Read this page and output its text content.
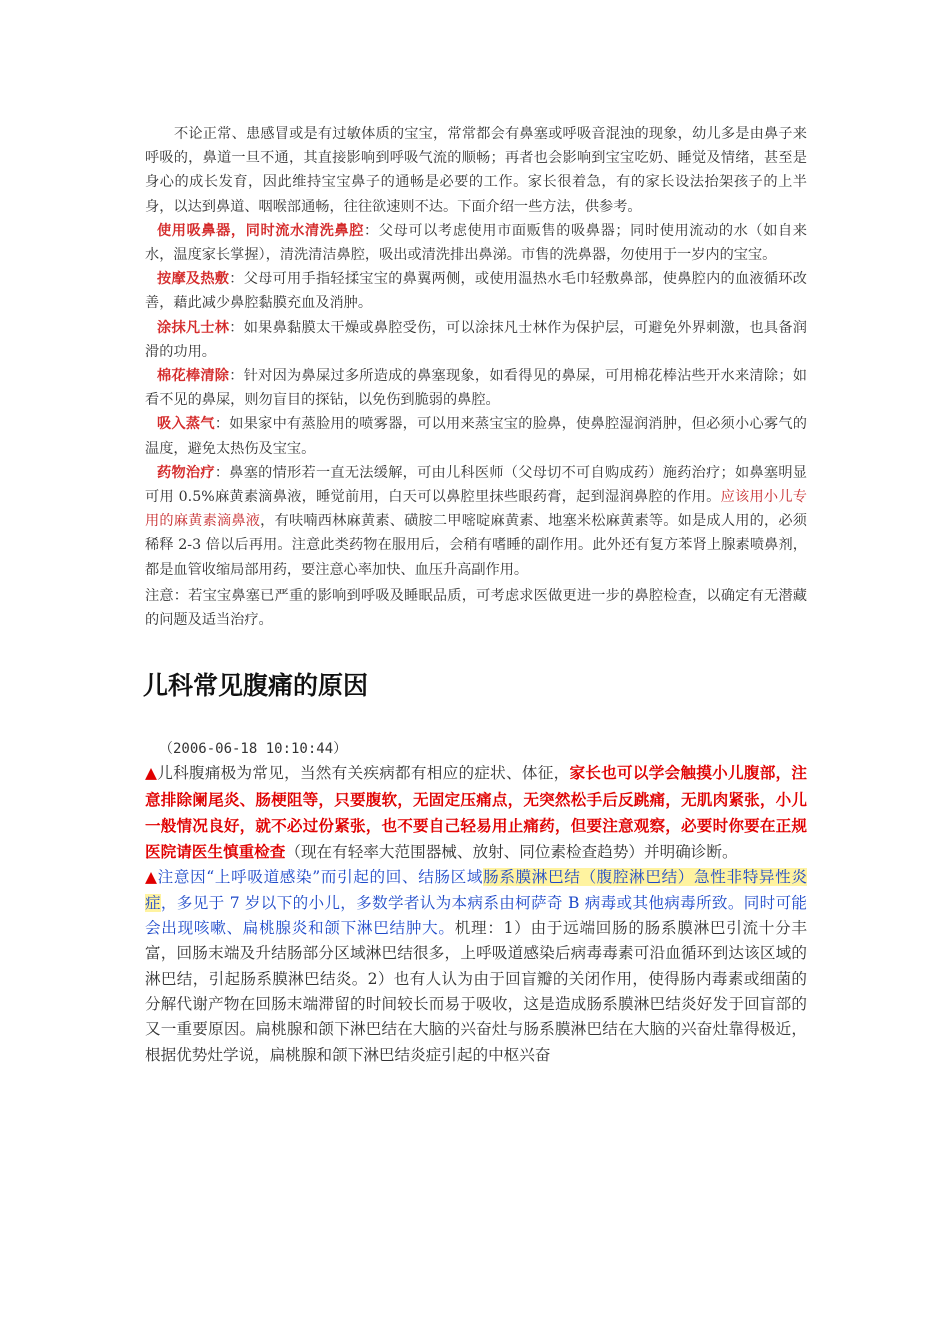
不论正常、患感冒或是有过敏体质的宝宝，常常都会有鼻塞或呼吸音混浊的现象，幼儿多是由鼻子来呼吸的，鼻道一旦不通，其直接影响到呼吸气流的顺畅；再者也会影响到宝宝吃奶、睡觉及情绪，甚至是身心的成长发育，因此维持宝宝鼻子的通畅是必要的工作。家长很着急，有的家长设法抬架孩子的上半身，以达到鼻道、咽喉部通畅，往往欲速则不达。下面介绍一些方法，供参考。

使用吸鼻器，同时流水清洗鼻腔：父母可以考虑使用市面贩售的吸鼻器；同时使用流动的水（如自来水，温度家长掌握），清洗清洁鼻腔，吸出或清洗排出鼻涕。市售的洗鼻器，勿使用于一岁内的宝宝。

按摩及热敷：父母可用手指轻揉宝宝的鼻翼两侧，或使用温热水毛巾轻敷鼻部，使鼻腔内的血液循环改善，藉此减少鼻腔黏膜充血及消肿。

涂抹凡士林：如果鼻黏膜太干燥或鼻腔受伤，可以涂抹凡士林作为保护层，可避免外界刺激，也具备润滑的功用。

棉花棒清除：针对因为鼻屎过多所造成的鼻塞现象，如看得见的鼻屎，可用棉花棒沾些开水来清除；如看不见的鼻屎，则勿盲目的探钻，以免伤到脆弱的鼻腔。

吸入蒸气：如果家中有蒸脸用的喷雾器，可以用来蒸宝宝的脸鼻，使鼻腔湿润消肿，但必须小心雾气的温度，避免太热伤及宝宝。

药物治疗：鼻塞的情形若一直无法缓解，可由儿科医师（父母切不可自购成药）施药治疗；如鼻塞明显可用 0.5%麻黄素滴鼻液，睡觉前用，白天可以鼻腔里抹些眼药膏，起到湿润鼻腔的作用。应该用小儿专用的麻黄素滴鼻液，有呋喃西林麻黄素、磺胺二甲嘧啶麻黄素、地塞米松麻黄素等。如是成人用的，必须稀释 2-3 倍以后再用。注意此类药物在服用后，会稍有嗜睡的副作用。此外还有复方苯肾上腺素喷鼻剂，都是血管收缩局部用药，要注意心率加快、血压升高副作用。

注意：若宝宝鼻塞已严重的影响到呼吸及睡眠品质，可考虑求医做更进一步的鼻腔检查，以确定有无潜藏的问题及适当治疗。

儿科常见腹痛的原因
（2006-06-18 10:10:44）

▲儿科腹痛极为常见，当然有关疾病都有相应的症状、体征，家长也可以学会触摸小儿腹部，注意排除阑尾炎、肠梗阻等，只要腹软，无固定压痛点，无突然松手后反跳痛，无肌肉紧张，小儿一般情况良好，就不必过份紧张，也不要自己轻易用止痛药，但要注意观察，必要时你要在正规医院请医生慎重检查（现在有轻率大范围器械、放射、同位素检查趋势）并明确诊断。

▲注意因“上呼吸道感染”而引起的回、结肠区域肠系膜淋巴结（腹腔淋巴结）急性非特异性炎症，多见于 7 岁以下的小儿，多数学者认为本病系由柯萨奇 B 病毒或其他病毒所致。同时可能会出现咳嗽、扁桃腺炎和颌下淋巴结肿大。机理：1）由于远端回肠的肠系膜淋巴引流十分丰富，回肠末端及升结肠部分区域淋巴结很多，上呼吸道感染后病毒毒素可沿血循环到达该区域的淋巴结，引起肠系膜淋巴结炎。2）也有人认为由于回盲瓣的关闭作用，使得肠内毒素或细菌的分解代谢产物在回肠末端滞留的时间较长而易于吸收，这是造成肠系膜淋巴结炎好发于回盲部的又一重要原因。扁桃腺和颌下淋巴结在大脑的兴奋灶与肠系膜淋巴结在大脑的兴奋灶靠得极近，根据优势灶学说，扁桃腺和颌下淋巴结炎症引起的中枢兴奋
